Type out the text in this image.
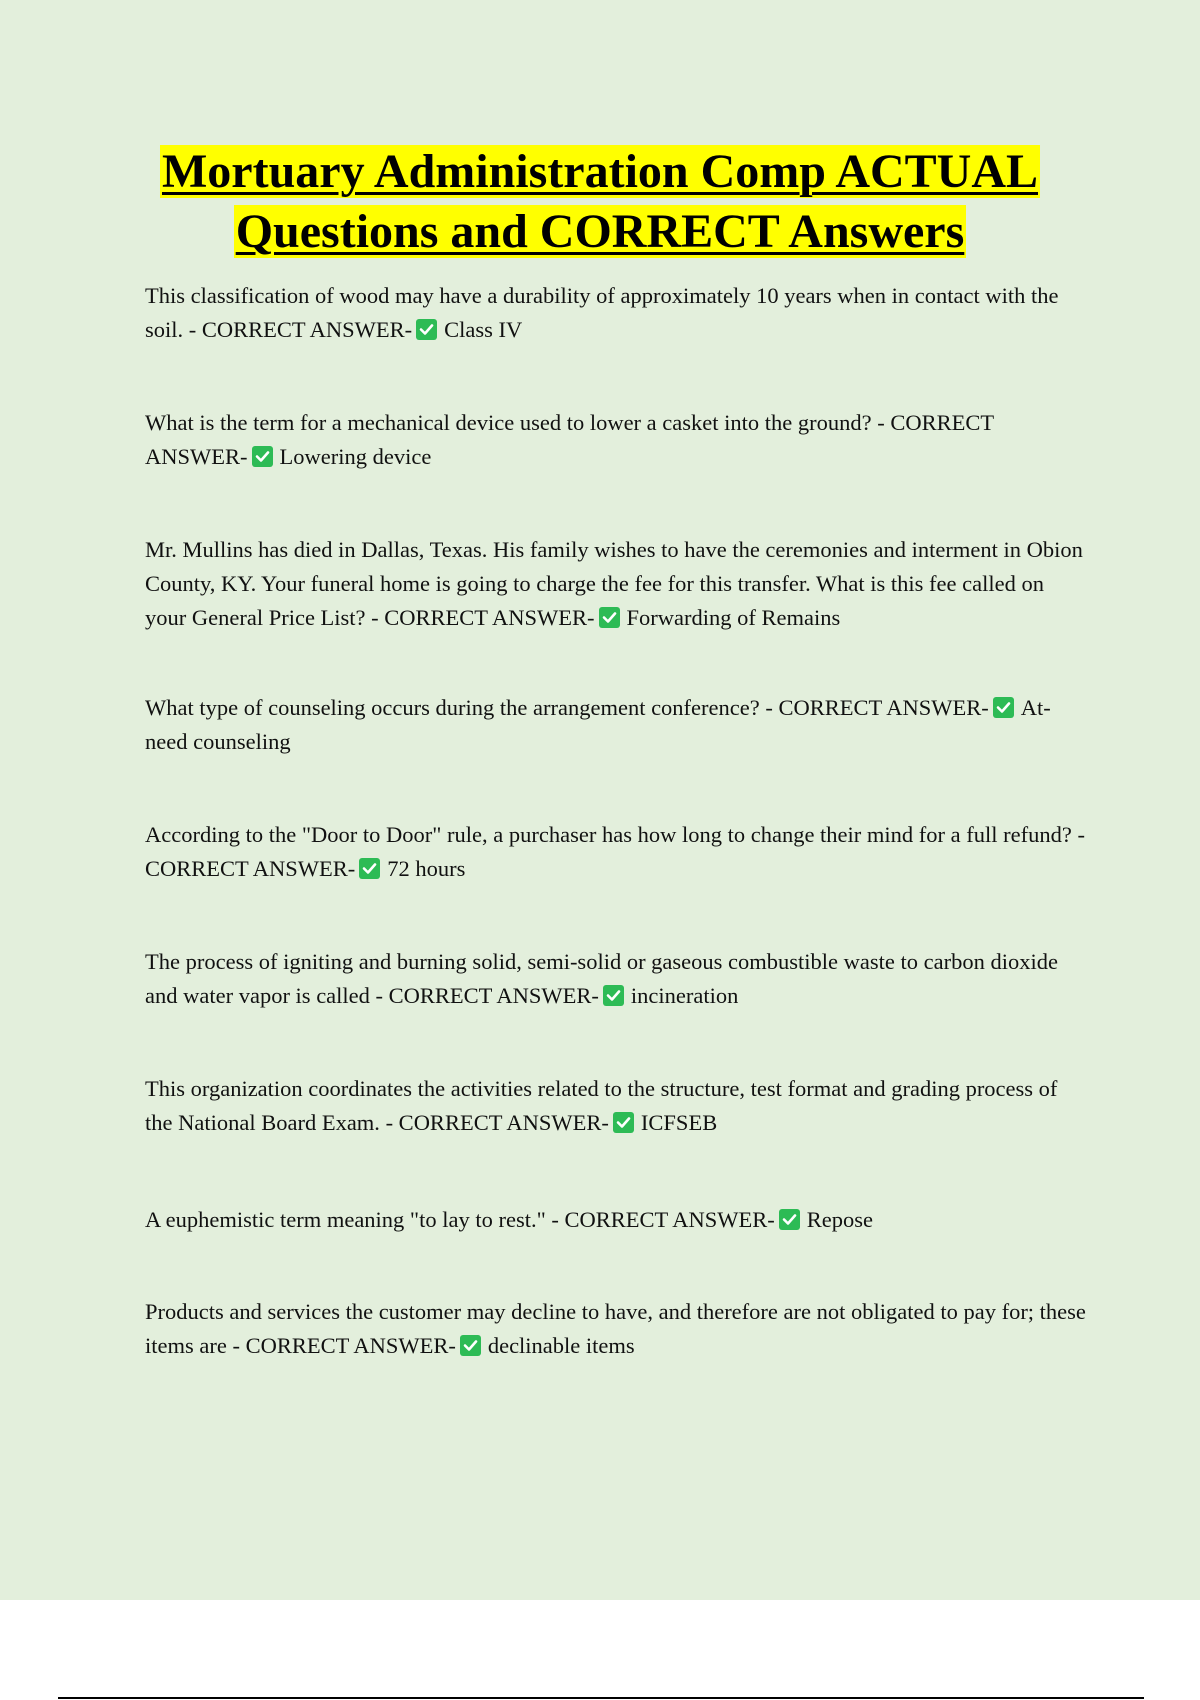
Mortuary Administration Comp ACTUAL
Questions and CORRECT Answers

This classification of wood may have a durability of approximately 10 years when in contact with the soil. - CORRECT ANSWER- Class IV

What is the term for a mechanical device used to lower a casket into the ground? - CORRECT ANSWER- Lowering device

Mr. Mullins has died in Dallas, Texas. His family wishes to have the ceremonies and interment in Obion County, KY. Your funeral home is going to charge the fee for this transfer. What is this fee called on your General Price List? - CORRECT ANSWER- Forwarding of Remains

What type of counseling occurs during the arrangement conference? - CORRECT ANSWER- At-need counseling

According to the "Door to Door" rule, a purchaser has how long to change their mind for a full refund? - CORRECT ANSWER- 72 hours

The process of igniting and burning solid, semi-solid or gaseous combustible waste to carbon dioxide and water vapor is called - CORRECT ANSWER- incineration

This organization coordinates the activities related to the structure, test format and grading process of the National Board Exam. - CORRECT ANSWER- ICFSEB

A euphemistic term meaning "to lay to rest." - CORRECT ANSWER- Repose

Products and services the customer may decline to have, and therefore are not obligated to pay for; these items are - CORRECT ANSWER- declinable items
